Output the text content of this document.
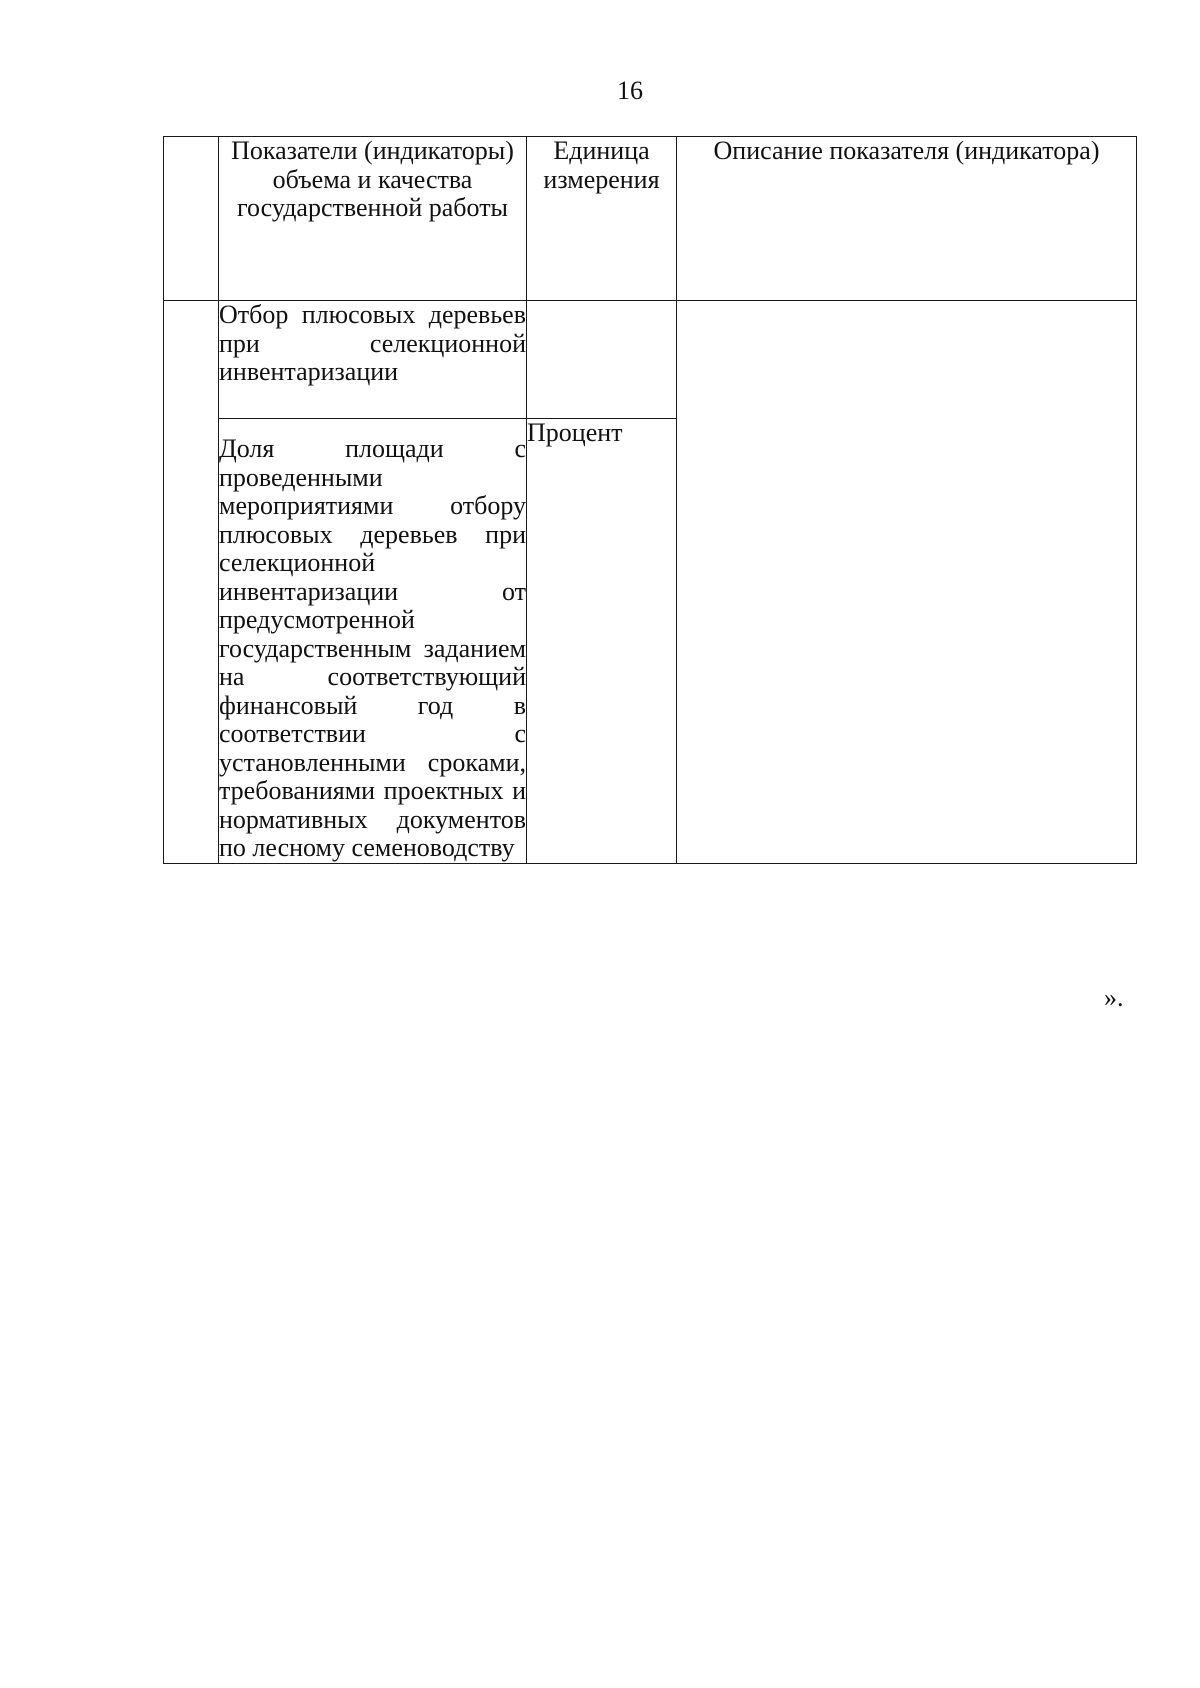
16
	Показатели (индикаторы) объема и качества государственной работы	Единица измерения	Описание показателя (индикатора)
	Отбор плюсовых деревьев при селекционной инвентаризации		
	Доля площади с проведенными мероприятиями отбору плюсовых деревьев при селекционной инвентаризации от предусмотренной государственным заданием на соответствующий финансовый год в соответствии с установленными сроками, требованиями проектных и нормативных документов по лесному семеноводству	Процент	
».
